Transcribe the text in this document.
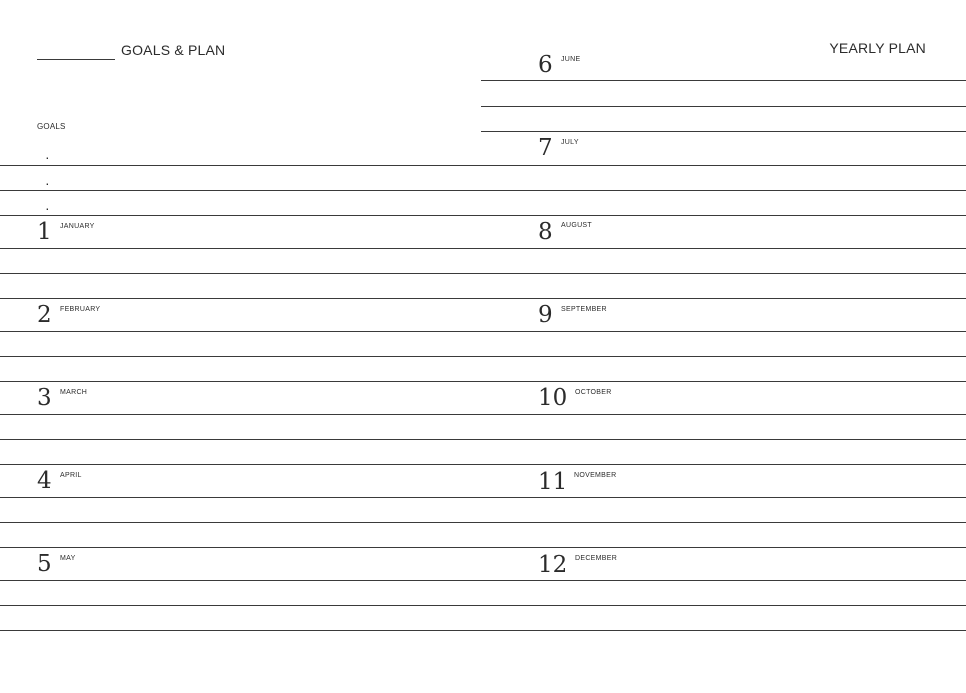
GOALS & PLAN	YEARLY PLAN
GOALS
·
·
·
1 JANUARY
2 FEBRUARY
3 MARCH
4 APRIL
5 MAY
6 JUNE
7 JULY
8 AUGUST
9 SEPTEMBER
10 OCTOBER
11 NOVEMBER
12 DECEMBER
